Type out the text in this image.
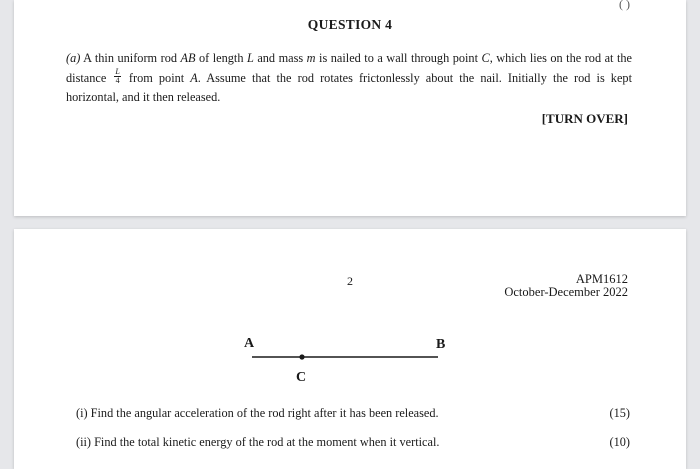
( )
QUESTION 4
(a) A thin uniform rod AB of length L and mass m is nailed to a wall through point C, which lies on the rod at the distance $\frac{L}{4}$ from point A. Assume that the rod rotates frictonlessly about the nail. Initially the rod is kept horizontal, and it then released.
[TURN OVER]
2	APM1612
October-December 2022
A	B
C
(i) Find the angular acceleration of the rod right after it has been released.	(15)
(ii) Find the total kinetic energy of the rod at the moment when it vertical.	(10)
